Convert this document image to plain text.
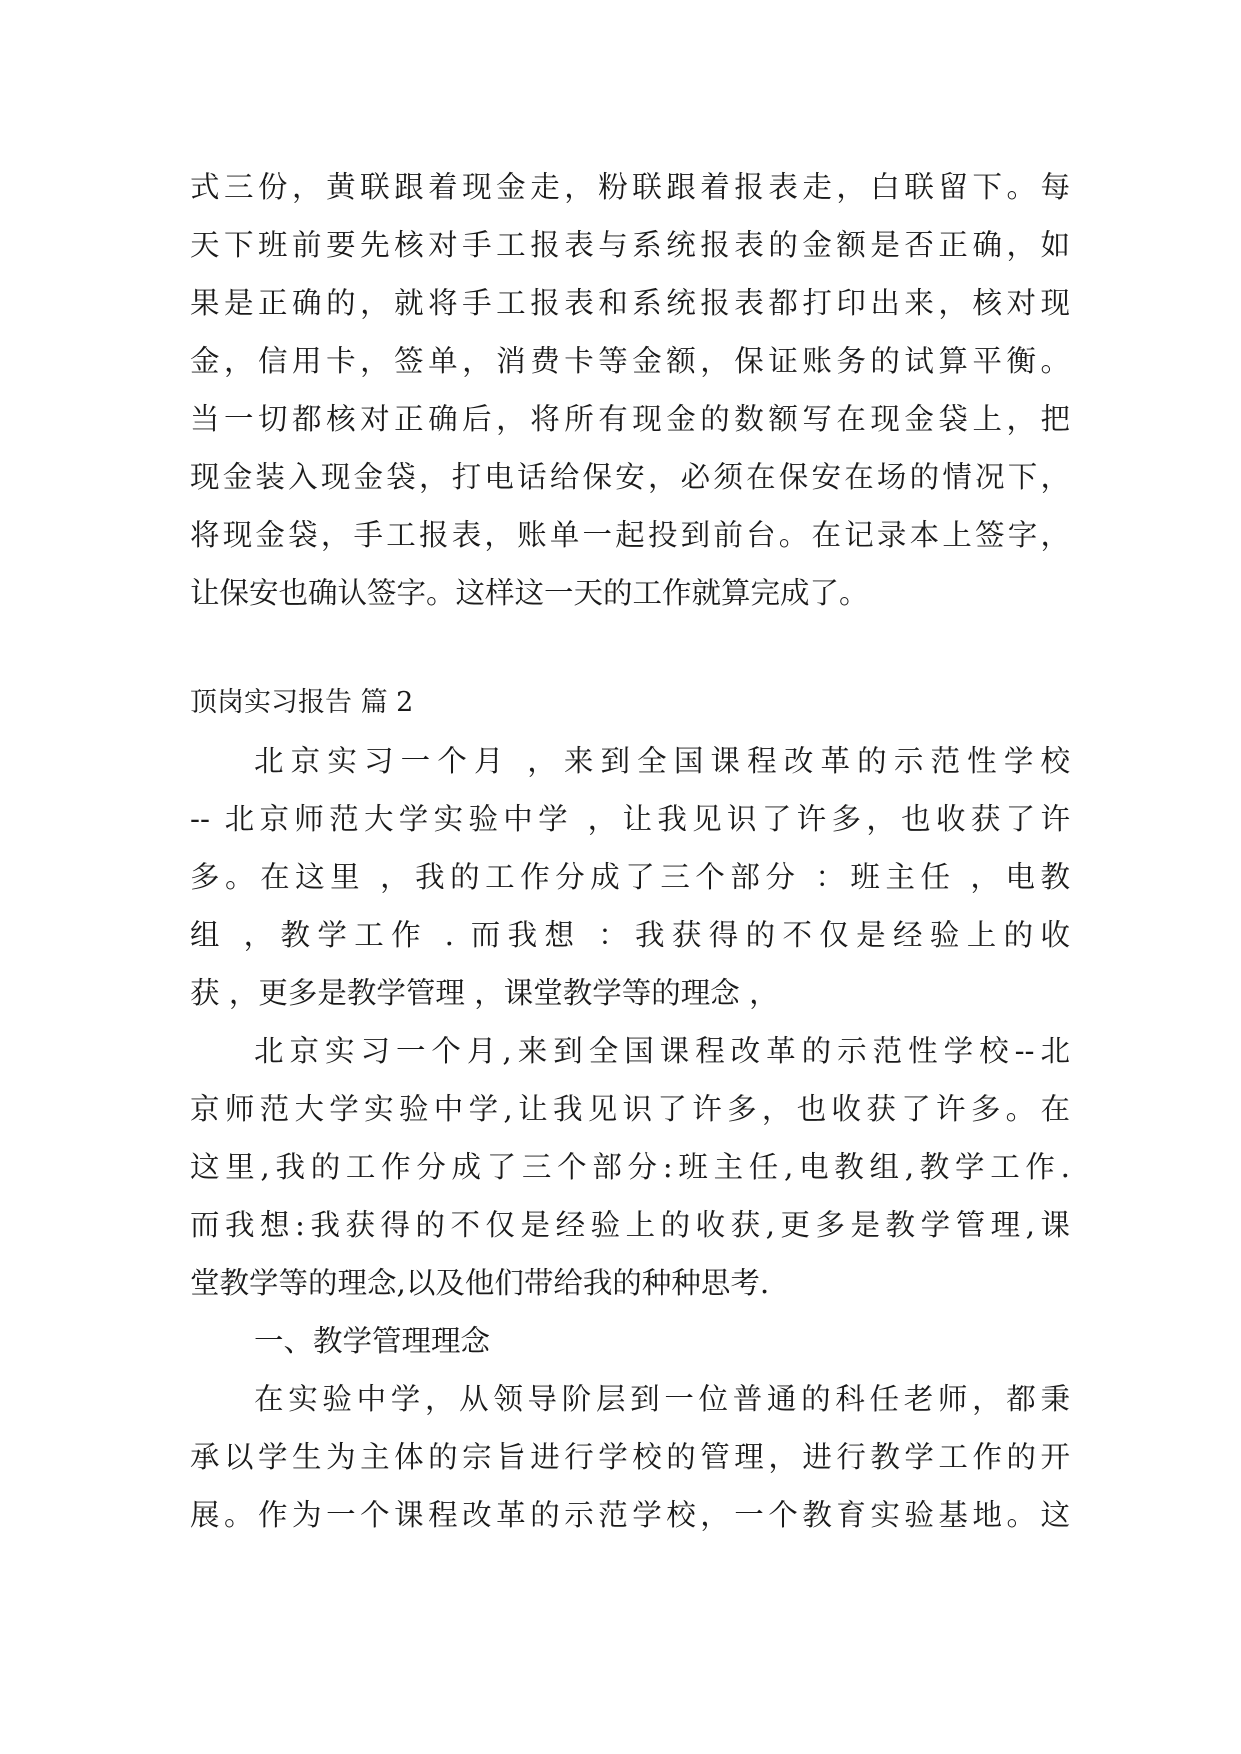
式三份，黄联跟着现金走，粉联跟着报表走，白联留下。每
天下班前要先核对手工报表与系统报表的金额是否正确，如
果是正确的，就将手工报表和系统报表都打印出来，核对现
金，信用卡，签单，消费卡等金额，保证账务的试算平衡。
当一切都核对正确后，将所有现金的数额写在现金袋上，把
现金装入现金袋，打电话给保安，必须在保安在场的情况下，
将现金袋，手工报表，账单一起投到前台。在记录本上签字，
让保安也确认签字。这样这一天的工作就算完成了。
顶岗实习报告 篇 2
北京实习一个月 ，来到全国课程改革的示范性学校
-- 北京师范大学实验中学 ，让我见识了许多，也收获了许
多。在这里 ，我的工作分成了三个部分 ：班主任 ，电教
组 ，教学工作 . 而我想 ：我获得的不仅是经验上的收
获 ，更多是教学管理 ，课堂教学等的理念 ，
北京实习一个月,来到全国课程改革的示范性学校--北
京师范大学实验中学,让我见识了许多，也收获了许多。在
这里,我的工作分成了三个部分:班主任,电教组,教学工作.
而我想:我获得的不仅是经验上的收获,更多是教学管理,课
堂教学等的理念,以及他们带给我的种种思考.
一、教学管理理念
在实验中学，从领导阶层到一位普通的科任老师，都秉
承以学生为主体的宗旨进行学校的管理，进行教学工作的开
展。作为一个课程改革的示范学校，一个教育实验基地。这
